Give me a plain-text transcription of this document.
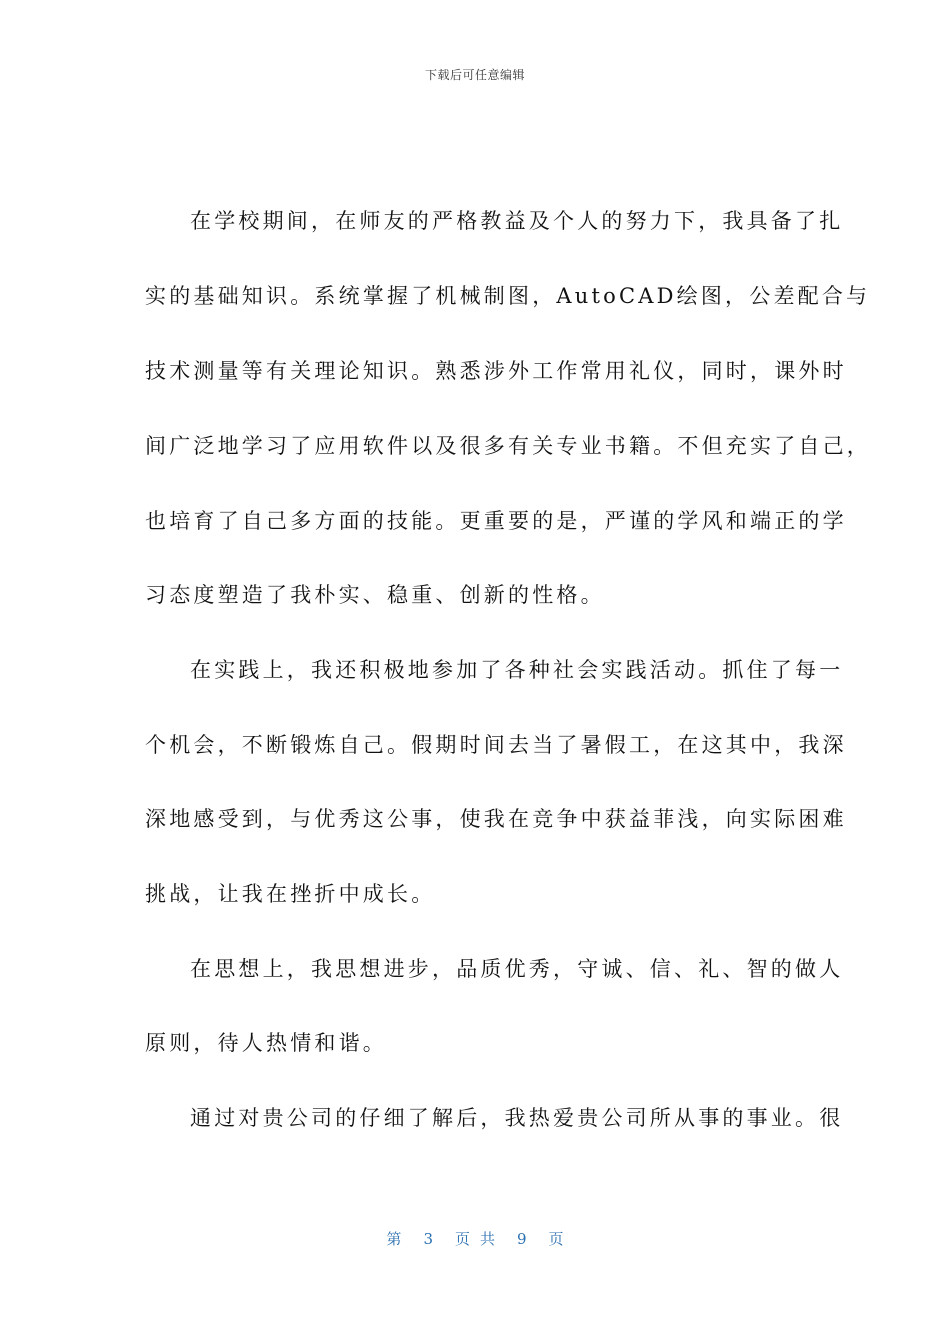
下载后可任意编辑
在学校期间，在师友的严格教益及个人的努力下，我具备了扎
实的基础知识。系统掌握了机械制图，AutoCAD绘图，公差配合与
技术测量等有关理论知识。熟悉涉外工作常用礼仪，同时，课外时
间广泛地学习了应用软件以及很多有关专业书籍。不但充实了自己，
也培育了自己多方面的技能。更重要的是，严谨的学风和端正的学
习态度塑造了我朴实、稳重、创新的性格。
在实践上，我还积极地参加了各种社会实践活动。抓住了每一
个机会，不断锻炼自己。假期时间去当了暑假工，在这其中，我深
深地感受到，与优秀这公事，使我在竞争中获益菲浅，向实际困难
挑战，让我在挫折中成长。
在思想上，我思想进步，品质优秀，守诚、信、礼、智的做人
原则，待人热情和谐。
通过对贵公司的仔细了解后，我热爱贵公司所从事的事业。很
第 3 页共 9 页
